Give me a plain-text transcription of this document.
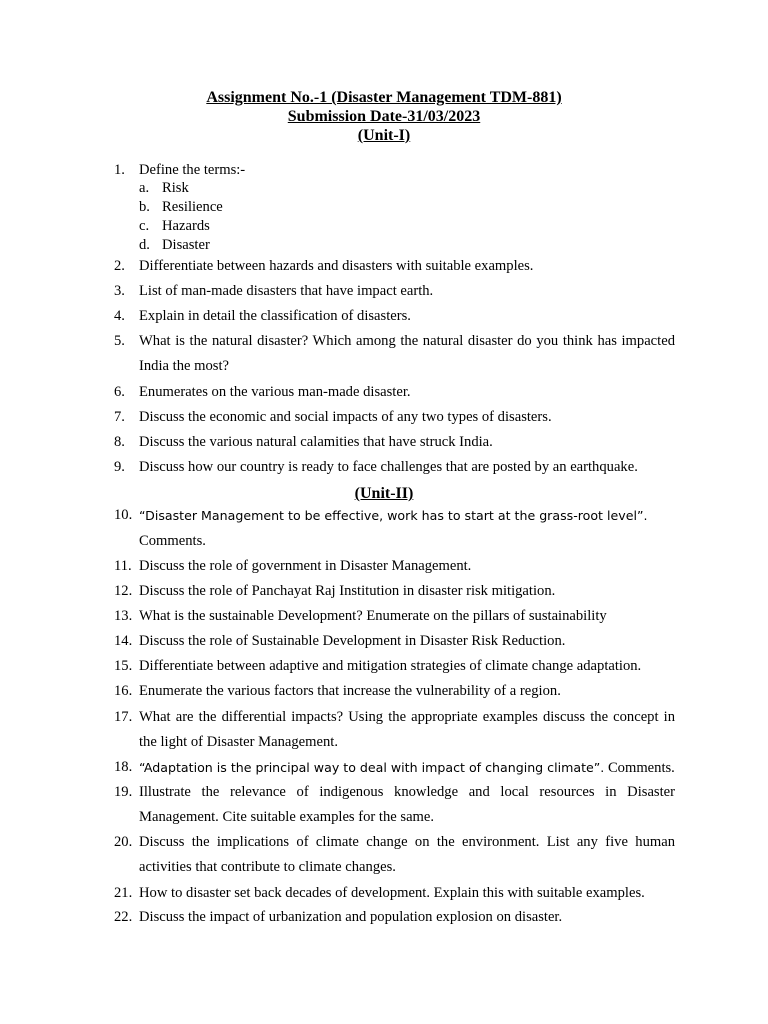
Assignment No.-1 (Disaster Management TDM-881)
Submission Date-31/03/2023
(Unit-I)
1. Define the terms:-
a. Risk
b. Resilience
c. Hazards
d. Disaster
2. Differentiate between hazards and disasters with suitable examples.
3. List of man-made disasters that have impact earth.
4. Explain in detail the classification of disasters.
5. What is the natural disaster? Which among the natural disaster do you think has impacted India the most?
6. Enumerates on the various man-made disaster.
7. Discuss the economic and social impacts of any two types of disasters.
8. Discuss the various natural calamities that have struck India.
9. Discuss how our country is ready to face challenges that are posted by an earthquake.
(Unit-II)
10. “Disaster Management to be effective, work has to start at the grass-root level”.
Comments.
11. Discuss the role of government in Disaster Management.
12. Discuss the role of Panchayat Raj Institution in disaster risk mitigation.
13. What is the sustainable Development? Enumerate on the pillars of sustainability
14. Discuss the role of Sustainable Development in Disaster Risk Reduction.
15. Differentiate between adaptive and mitigation strategies of climate change adaptation.
16. Enumerate the various factors that increase the vulnerability of a region.
17. What are the differential impacts? Using the appropriate examples discuss the concept in the light of Disaster Management.
18. “Adaptation is the principal way to deal with impact of changing climate”. Comments.
19. Illustrate the relevance of indigenous knowledge and local resources in Disaster Management. Cite suitable examples for the same.
20. Discuss the implications of climate change on the environment. List any five human activities that contribute to climate changes.
21. How to disaster set back decades of development. Explain this with suitable examples.
22. Discuss the impact of urbanization and population explosion on disaster.
